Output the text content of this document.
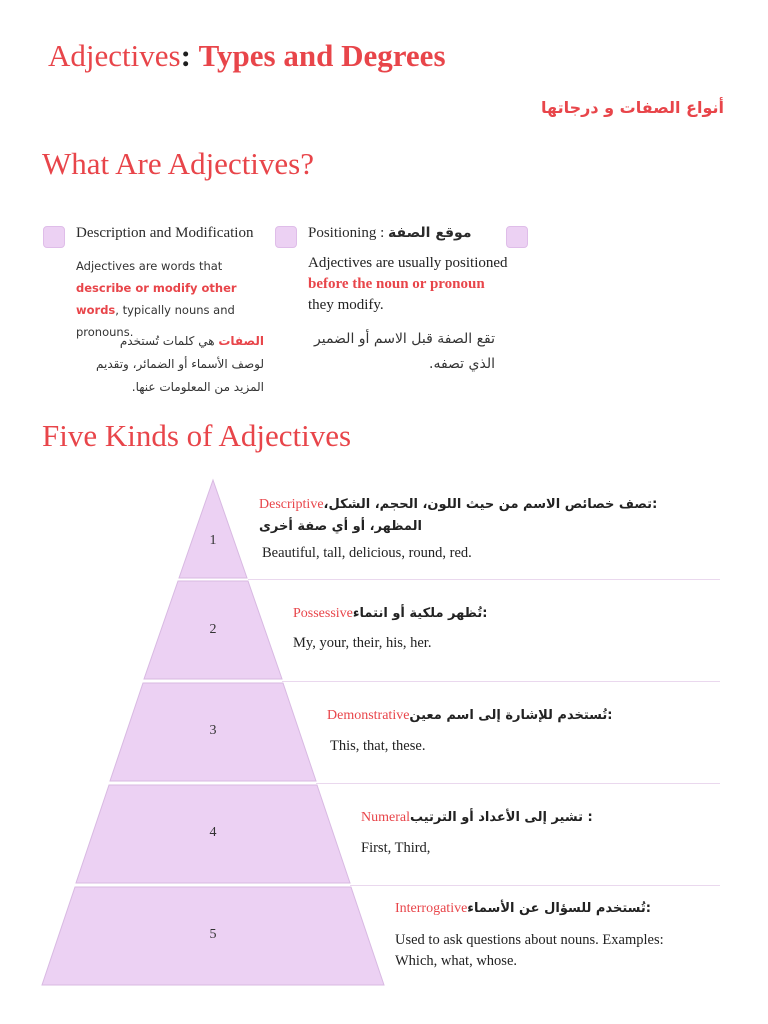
Adjectives: Types and Degrees
أنواع الصفات و درجاتها
What Are Adjectives?
Description and Modification
Adjectives are words that describe or modify other words, typically nouns and pronouns.
الصفات هي كلمات تُستخدم لوصف الأسماء أو الضمائر، وتقديم المزيد من المعلومات عنها.
Positioning : موقع الصفة
Adjectives are usually positioned before the noun or pronoun they modify.
تقع الصفة قبل الاسم أو الضمير الذي تصفه.
Five Kinds of Adjectives
1
2
3
4
5
Descriptive:تصف خصائص الاسم من حيث اللون، الحجم، الشكل، المظهر، أو أي صفة أخرى
Beautiful, tall, delicious, round, red.
Possessive:تُظهر ملكية أو انتماء
My, your, their, his, her.
Demonstrative:تُستخدم للإشارة إلى اسم معين
This, that, these.
Numeral: تشير إلى الأعداد أو الترتيب
First, Third,
Interrogative:تُستخدم للسؤال عن الأسماء
Used to ask questions about nouns. Examples: Which, what, whose.
